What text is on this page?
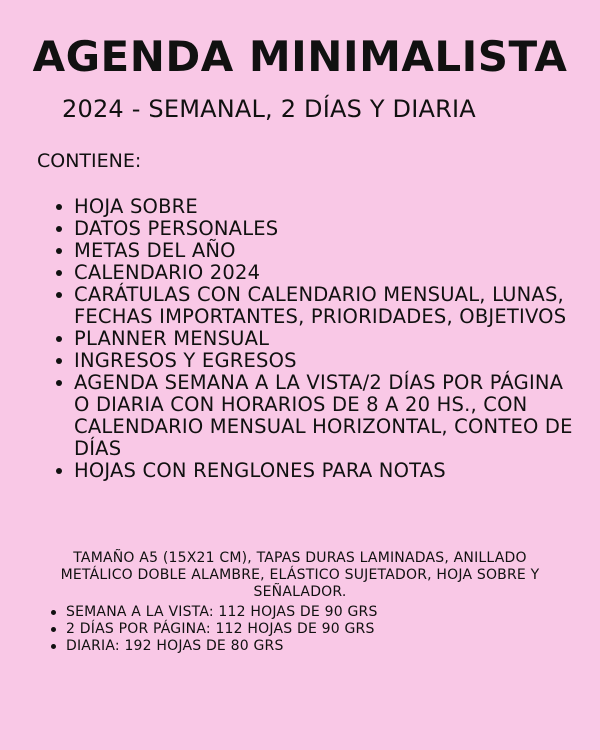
AGENDA MINIMALISTA

2024 - SEMANAL, 2 DÍAS Y DIARIA

CONTIENE:

HOJA SOBRE
DATOS PERSONALES
METAS DEL AÑO
CALENDARIO 2024
CARÁTULAS CON CALENDARIO MENSUAL, LUNAS, FECHAS IMPORTANTES, PRIORIDADES, OBJETIVOS
PLANNER MENSUAL
INGRESOS Y EGRESOS
AGENDA SEMANA A LA VISTA/2 DÍAS POR PÁGINA O DIARIA CON HORARIOS DE 8 A 20 HS., CON CALENDARIO MENSUAL HORIZONTAL, CONTEO DE DÍAS
HOJAS CON RENGLONES PARA NOTAS

TAMAÑO A5 (15X21 CM), TAPAS DURAS LAMINADAS, ANILLADO METÁLICO DOBLE ALAMBRE, ELÁSTICO SUJETADOR, HOJA SOBRE Y SEÑALADOR.

SEMANA A LA VISTA: 112 HOJAS DE 90 GRS
2 DÍAS POR PÁGINA: 112 HOJAS DE 90 GRS
DIARIA: 192 HOJAS DE 80 GRS
